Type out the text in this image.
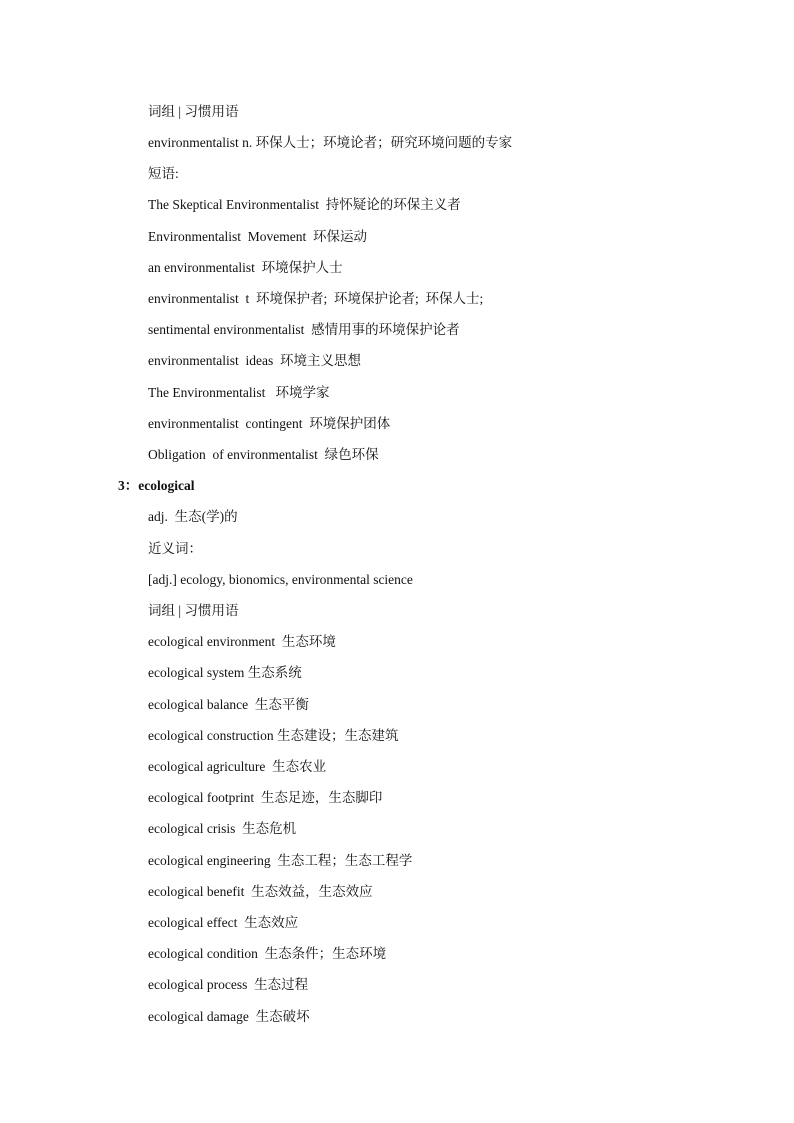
词组 | 习惯用语
environmentalist n. 环保人士；环境论者；研究环境问题的专家
短语:
The Skeptical Environmentalist  持怀疑论的环保主义者
Environmentalist  Movement  环保运动
an environmentalist  环境保护人士
environmentalist  t  环境保护者;  环境保护论者;  环保人士;
sentimental environmentalist  感情用事的环境保护论者
environmentalist  ideas  环境主义思想
The Environmentalist   环境学家
environmentalist  contingent  环境保护团体
Obligation  of environmentalist  绿色环保
3：ecological
adj.  生态(学)的
近义词：
[adj.] ecology, bionomics, environmental science
词组 | 习惯用语
ecological environment  生态环境
ecological system 生态系统
ecological balance  生态平衡
ecological construction 生态建设；生态建筑
ecological agriculture  生态农业
ecological footprint  生态足迹，生态脚印
ecological crisis  生态危机
ecological engineering  生态工程；生态工程学
ecological benefit  生态效益，生态效应
ecological effect  生态效应
ecological condition  生态条件；生态环境
ecological process  生态过程
ecological damage  生态破坏
